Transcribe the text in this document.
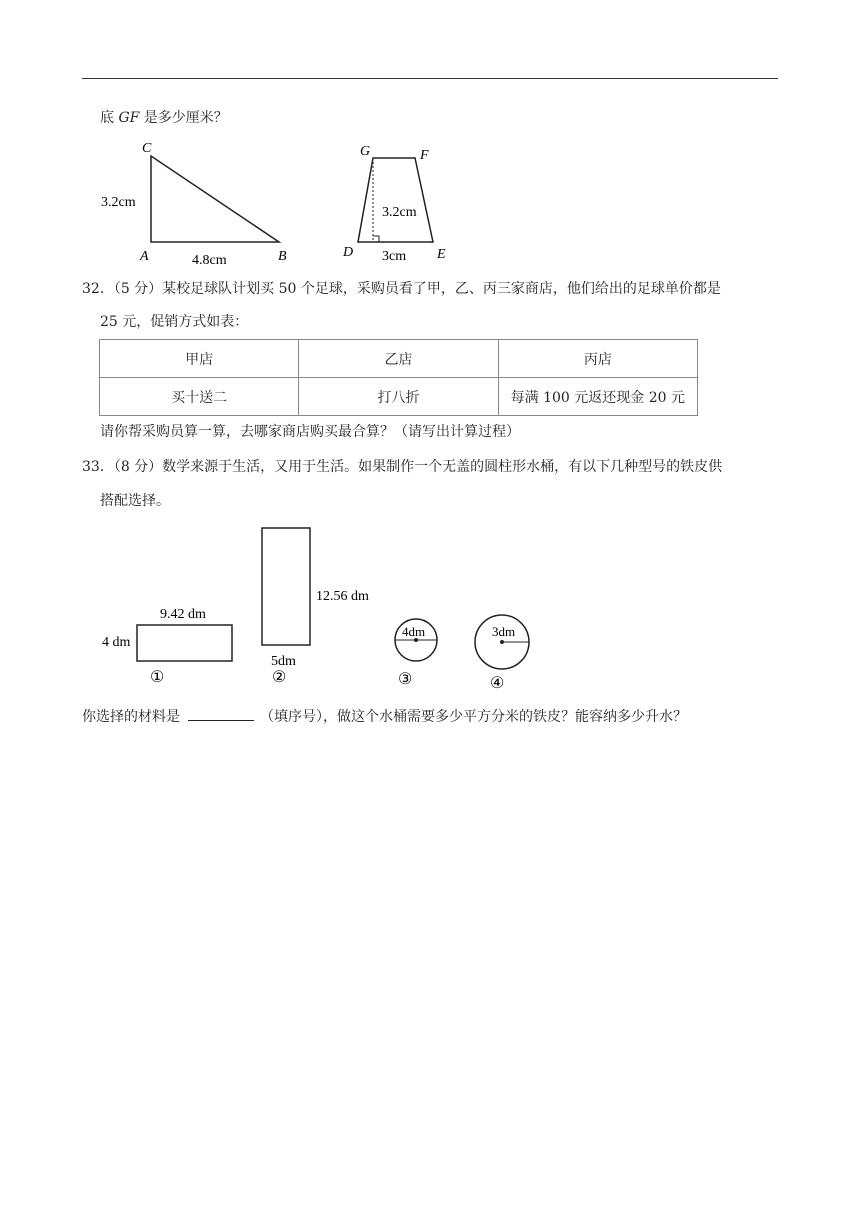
底 GF 是多少厘米？
C
A	B
3.2cm
4.8cm
G	F
D	E
3.2cm
3cm
32．（5 分）某校足球队计划买 50 个足球，采购员看了甲，乙、丙三家商店，他们给出的足球单价都是
25 元，促销方式如表：
甲店	乙店	丙店
买十送二	打八折	每满 100 元返还现金 20 元
请你帮采购员算一算，去哪家商店购买最合算？（请写出计算过程）
33．（8 分）数学来源于生活，又用于生活。如果制作一个无盖的圆柱形水桶，有以下几种型号的铁皮供
搭配选择。
9.42 dm
4 dm
①
12.56 dm
5dm
②
4dm
③
3dm
④
你选择的材料是	（填序号），做这个水桶需要多少平方分米的铁皮？能容纳多少升水？
